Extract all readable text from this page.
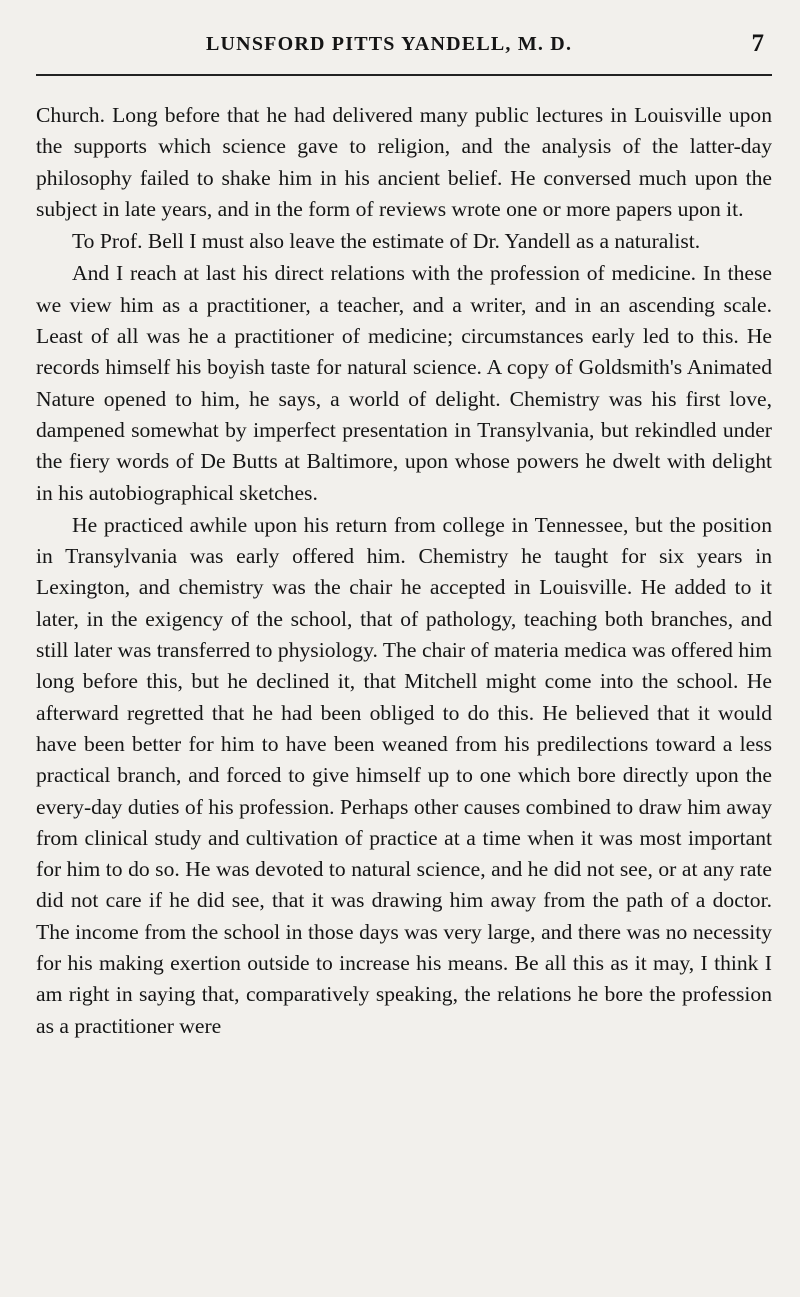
LUNSFORD PITTS YANDELL, M. D.	7

Church. Long before that he had delivered many public lectures in Louisville upon the supports which science gave to religion, and the analysis of the latter-day philosophy failed to shake him in his ancient belief. He conversed much upon the subject in late years, and in the form of reviews wrote one or more papers upon it.

To Prof. Bell I must also leave the estimate of Dr. Yandell as a naturalist.

And I reach at last his direct relations with the profession of medicine. In these we view him as a practitioner, a teacher, and a writer, and in an ascending scale. Least of all was he a practitioner of medicine; circumstances early led to this. He records himself his boyish taste for natural science. A copy of Goldsmith's Animated Nature opened to him, he says, a world of delight. Chemistry was his first love, dampened somewhat by imperfect presentation in Transylvania, but rekindled under the fiery words of De Butts at Baltimore, upon whose powers he dwelt with delight in his autobiographical sketches.

He practiced awhile upon his return from college in Tennessee, but the position in Transylvania was early offered him. Chemistry he taught for six years in Lexington, and chemistry was the chair he accepted in Louisville. He added to it later, in the exigency of the school, that of pathology, teaching both branches, and still later was transferred to physiology. The chair of materia medica was offered him long before this, but he declined it, that Mitchell might come into the school. He afterward regretted that he had been obliged to do this. He believed that it would have been better for him to have been weaned from his predilections toward a less practical branch, and forced to give himself up to one which bore directly upon the every-day duties of his profession. Perhaps other causes combined to draw him away from clinical study and cultivation of practice at a time when it was most important for him to do so. He was devoted to natural science, and he did not see, or at any rate did not care if he did see, that it was drawing him away from the path of a doctor. The income from the school in those days was very large, and there was no necessity for his making exertion outside to increase his means. Be all this as it may, I think I am right in saying that, comparatively speaking, the relations he bore the profession as a practitioner were
